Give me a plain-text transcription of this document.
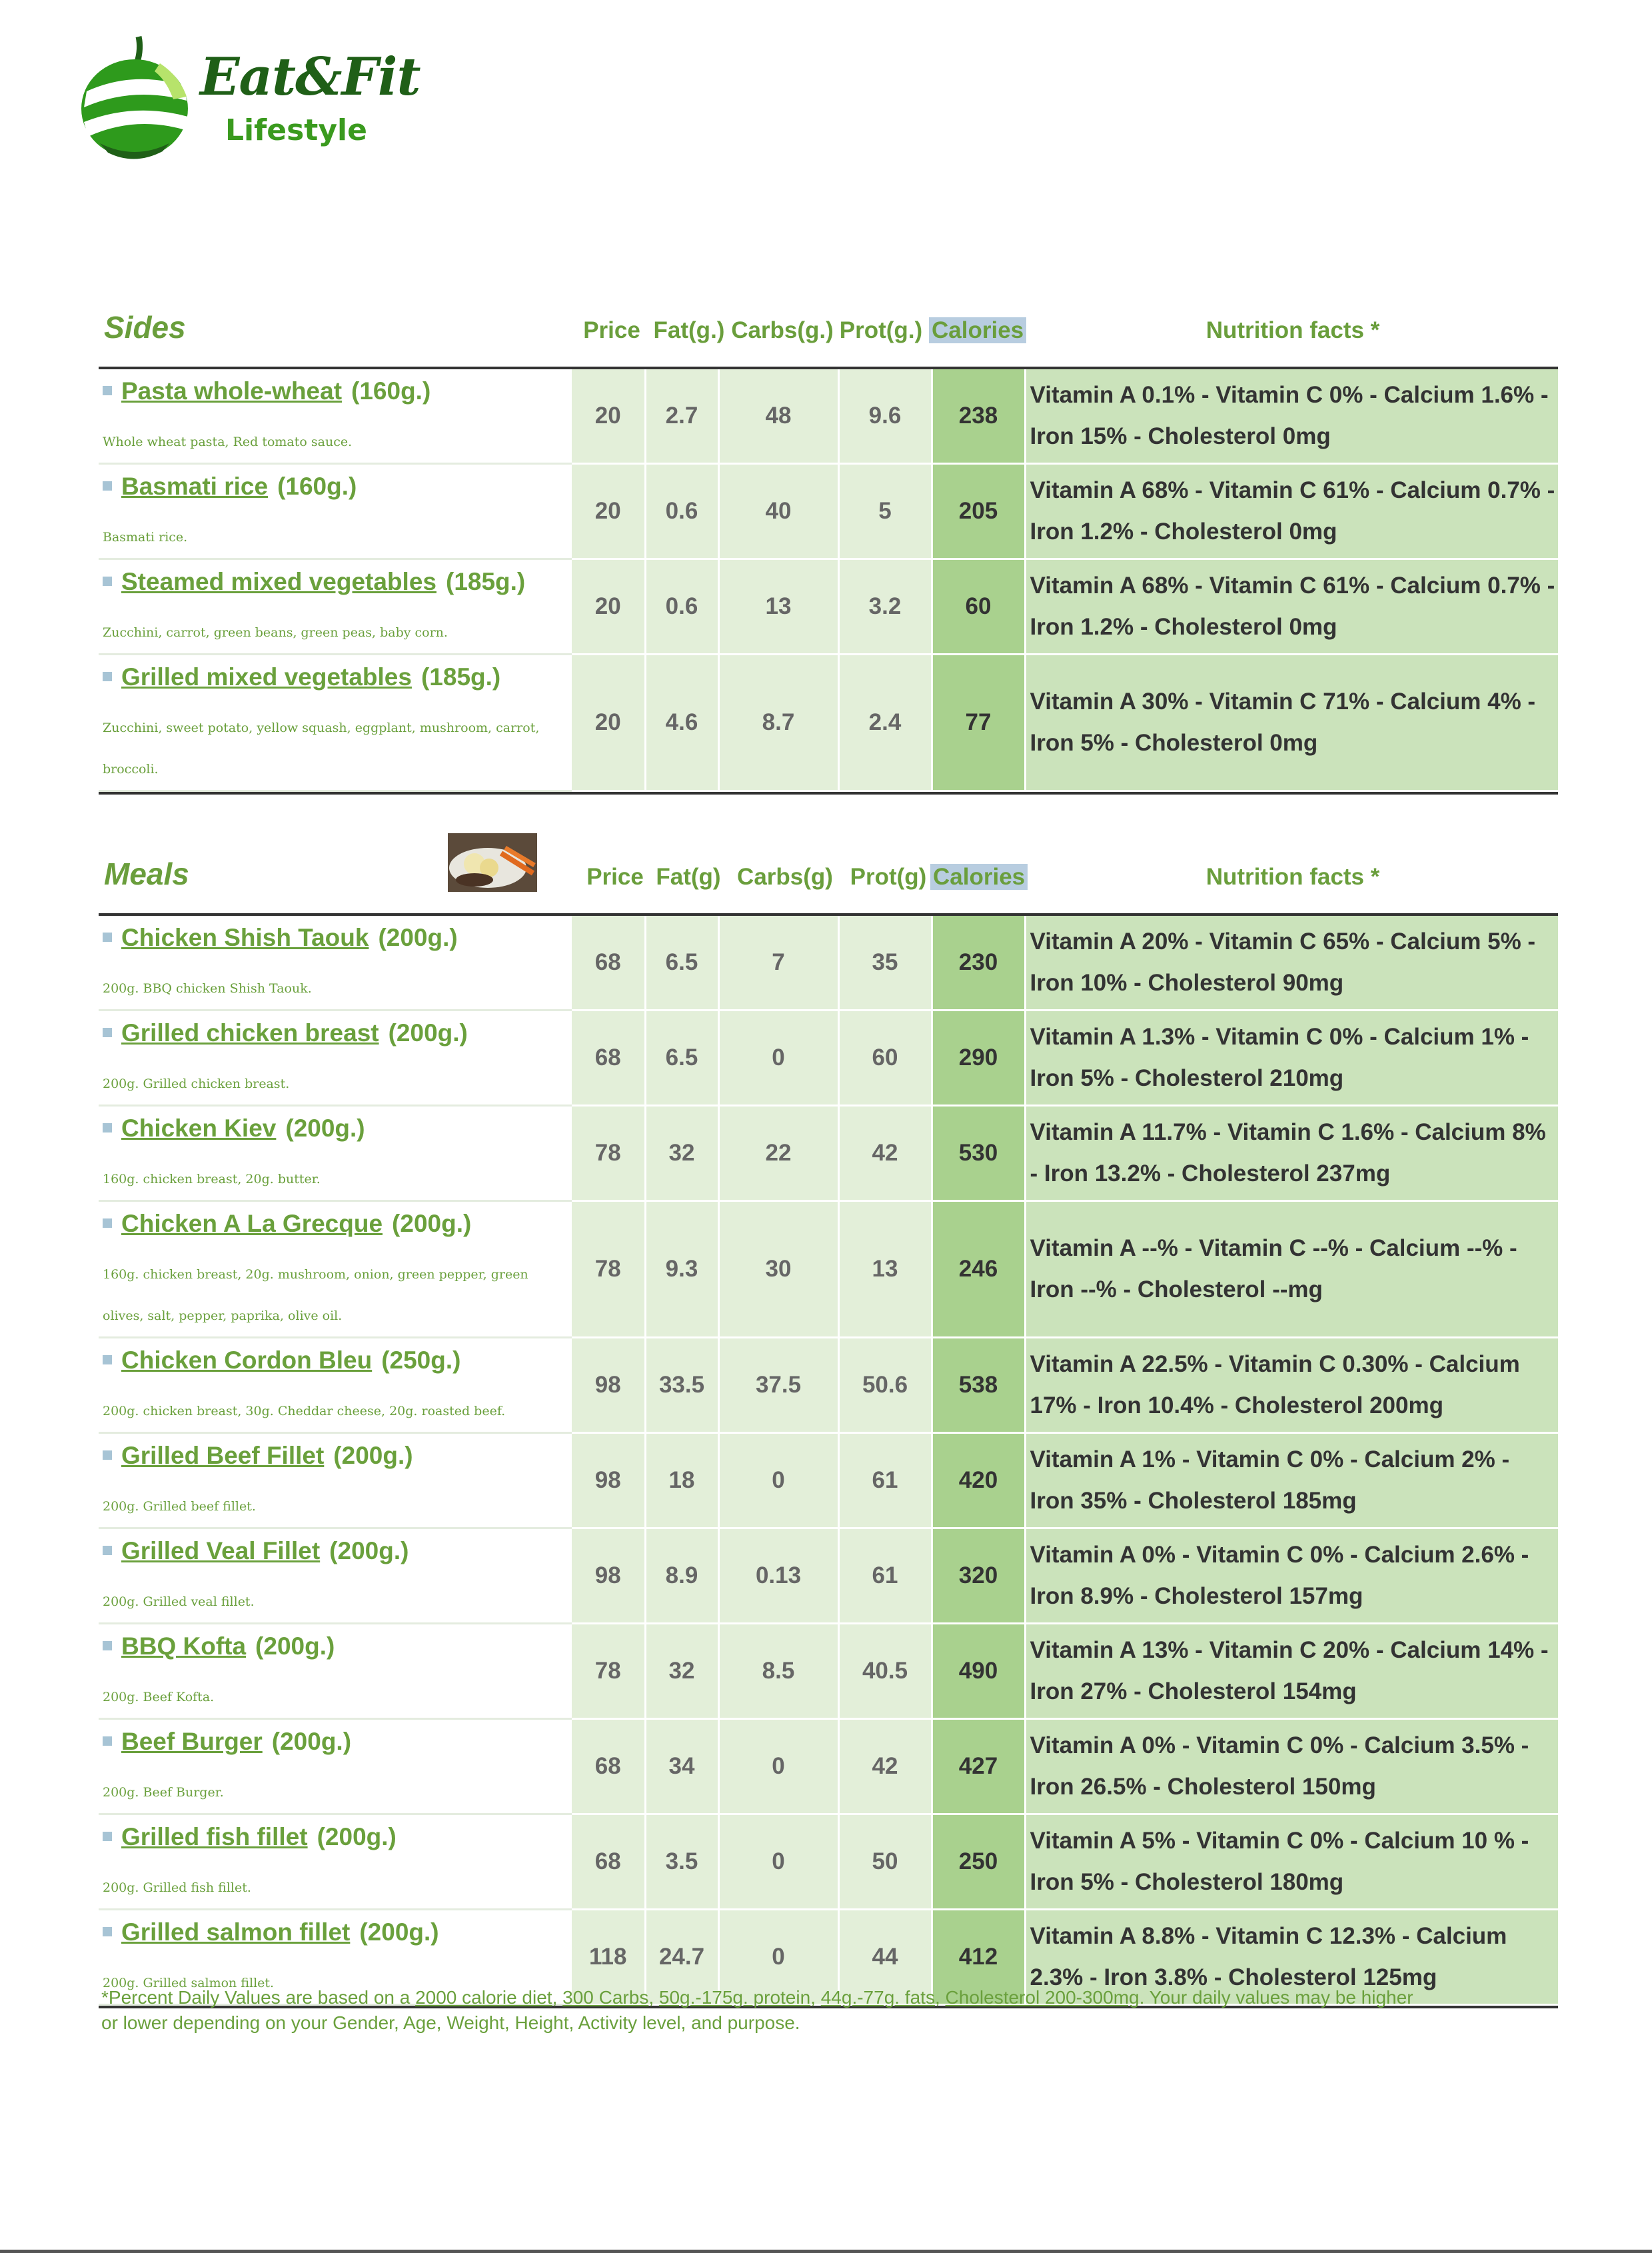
Eat&Fit
Lifestyle
Sides	Price Fat(g.) Carbs(g.) Prot(g.) Calories	Nutrition facts *
Pasta whole-wheat (160g.)
Whole wheat pasta, Red tomato sauce.	20	2.7	48	9.6	238	Vitamin A 0.1% - Vitamin C 0% - Calcium 1.6% - Iron 15% - Cholesterol 0mg

Basmati rice (160g.)
Basmati rice.	20	0.6	40	5	205	Vitamin A 68% - Vitamin C 61% - Calcium 0.7% - Iron 1.2% - Cholesterol 0mg

Steamed mixed vegetables (185g.)
Zucchini, carrot, green beans, green peas, baby corn.	20	0.6	13	3.2	60	Vitamin A 68% - Vitamin C 61% - Calcium 0.7% - Iron 1.2% - Cholesterol 0mg

Grilled mixed vegetables (185g.)
Zucchini, sweet potato, yellow squash, eggplant, mushroom, carrot, broccoli.	20	4.6	8.7	2.4	77	Vitamin A 30% - Vitamin C 71% - Calcium 4% - Iron 5% - Cholesterol 0mg
Meals	Price Fat(g) Carbs(g) Prot(g) Calories	Nutrition facts *
Chicken Shish Taouk (200g.)
200g. BBQ chicken Shish Taouk.	68	6.5	7	35	230	Vitamin A 20% - Vitamin C 65% - Calcium 5% - Iron 10% - Cholesterol 90mg

Grilled chicken breast (200g.)
200g. Grilled chicken breast.	68	6.5	0	60	290	Vitamin A 1.3% - Vitamin C 0% - Calcium 1% - Iron 5% - Cholesterol 210mg

Chicken Kiev (200g.)
160g. chicken breast, 20g. butter.	78	32	22	42	530	Vitamin A 11.7% - Vitamin C 1.6% - Calcium 8% - Iron 13.2% - Cholesterol 237mg

Chicken A La Grecque (200g.)
160g. chicken breast, 20g. mushroom, onion, green pepper, green olives, salt, pepper, paprika, olive oil.	78	9.3	30	13	246	Vitamin A --% - Vitamin C --% - Calcium --% - Iron --% - Cholesterol --mg

Chicken Cordon Bleu (250g.)
200g. chicken breast, 30g. Cheddar cheese, 20g. roasted beef.	98	33.5	37.5	50.6	538	Vitamin A 22.5% - Vitamin C 0.30% - Calcium 17% - Iron 10.4% - Cholesterol 200mg

Grilled Beef Fillet (200g.)
200g. Grilled beef fillet.	98	18	0	61	420	Vitamin A 1% - Vitamin C 0% - Calcium 2% - Iron 35% - Cholesterol 185mg

Grilled Veal Fillet (200g.)
200g. Grilled veal fillet.	98	8.9	0.13	61	320	Vitamin A 0% - Vitamin C 0% - Calcium 2.6% - Iron 8.9% - Cholesterol 157mg

BBQ Kofta (200g.)
200g. Beef Kofta.	78	32	8.5	40.5	490	Vitamin A 13% - Vitamin C 20% - Calcium 14% - Iron 27% - Cholesterol 154mg

Beef Burger (200g.)
200g. Beef Burger.	68	34	0	42	427	Vitamin A 0% - Vitamin C 0% - Calcium 3.5% - Iron 26.5% - Cholesterol 150mg

Grilled fish fillet (200g.)
200g. Grilled fish fillet.	68	3.5	0	50	250	Vitamin A 5% - Vitamin C 0% - Calcium 10 % - Iron 5% - Cholesterol 180mg

Grilled salmon fillet (200g.)
200g. Grilled salmon fillet.	118	24.7	0	44	412	Vitamin A 8.8% - Vitamin C 12.3% - Calcium 2.3% - Iron 3.8% - Cholesterol 125mg
*Percent Daily Values are based on a 2000 calorie diet, 300 Carbs, 50g.-175g. protein, 44g.-77g. fats, Cholesterol 200-300mg. Your daily values may be higher or lower depending on your Gender, Age, Weight, Height, Activity level, and purpose.
